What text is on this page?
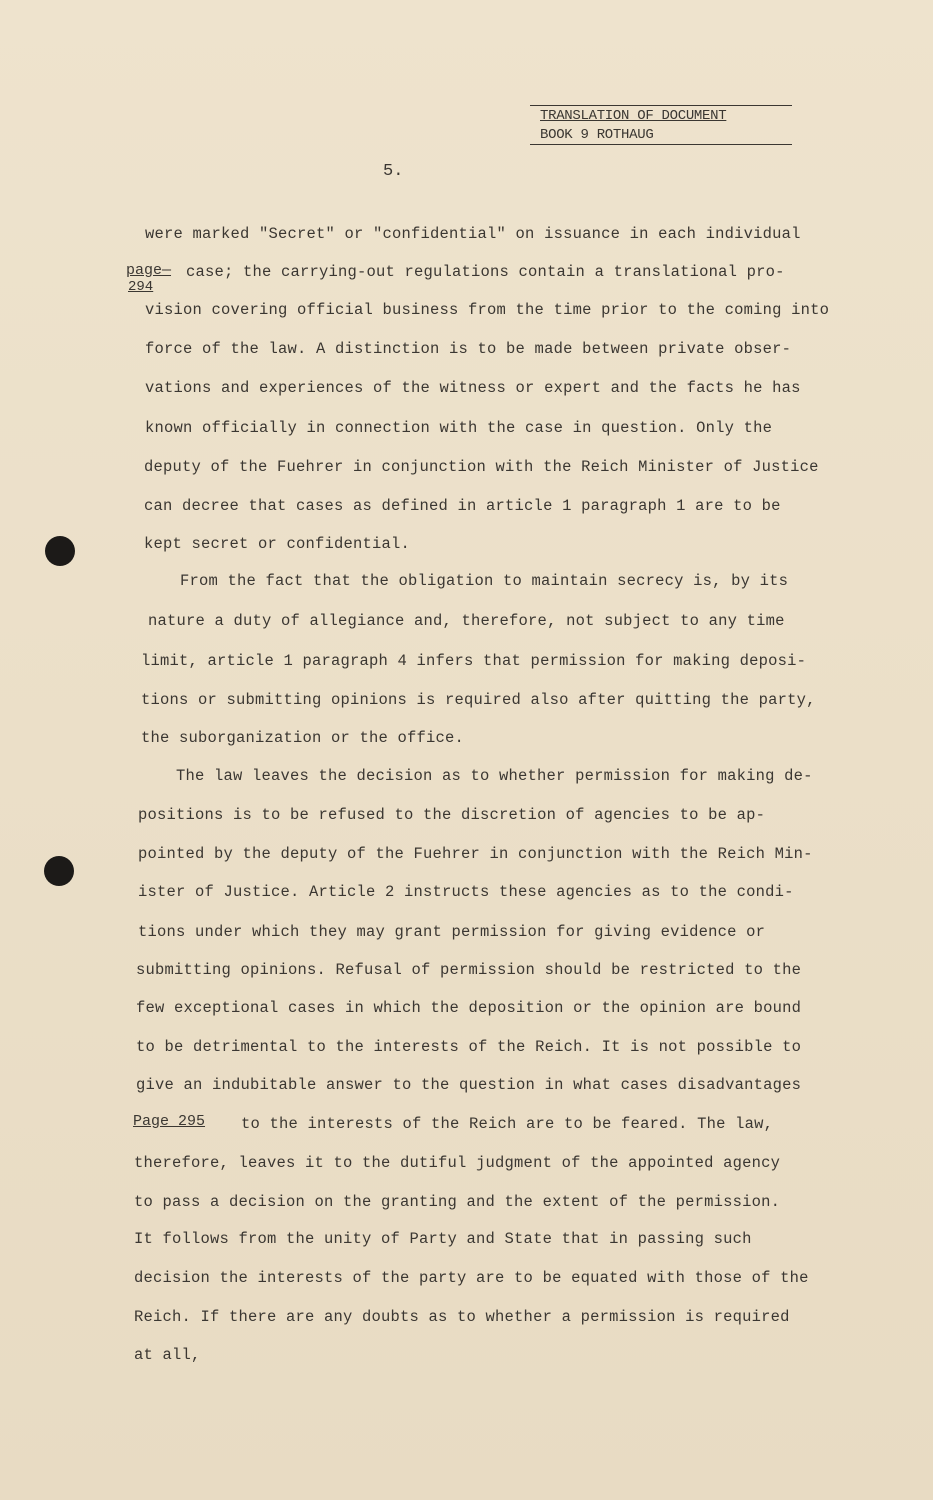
TRANSLATION OF DOCUMENT
BOOK 9 ROTHAUG
5.
page—
294
Page 295
were marked "Secret" or "confidential" on issuance in each individual
case; the carrying-out regulations contain a translational pro-
vision covering official business from the time prior to the coming into
force of the law. A distinction is to be made between private obser-
vations and experiences of the witness or expert and the facts he has
known officially in connection with the case in question. Only the
deputy of the Fuehrer in conjunction with the Reich Minister of Justice
can decree that cases as defined in article 1 paragraph 1 are to be
kept secret or confidential.
From the fact that the obligation to maintain secrecy is, by its
nature a duty of allegiance and, therefore, not subject to any time
limit, article 1 paragraph 4 infers that permission for making deposi-
tions or submitting opinions is required also after quitting the party,
the suborganization or the office.
The law leaves the decision as to whether permission for making de-
positions is to be refused to the discretion of agencies to be ap-
pointed by the deputy of the Fuehrer in conjunction with the Reich Min-
ister of Justice. Article 2 instructs these agencies as to the condi-
tions under which they may grant permission for giving evidence or
submitting opinions. Refusal of permission should be restricted to the
few exceptional cases in which the deposition or the opinion are bound
to be detrimental to the interests of the Reich. It is not possible to
give an indubitable answer to the question in what cases disadvantages
to the interests of the Reich are to be feared. The law,
therefore, leaves it to the dutiful judgment of the appointed agency
to pass a decision on the granting and the extent of the permission.
It follows from the unity of Party and State that in passing such
decision the interests of the party are to be equated with those of the
Reich. If there are any doubts as to whether a permission is required
at all,
